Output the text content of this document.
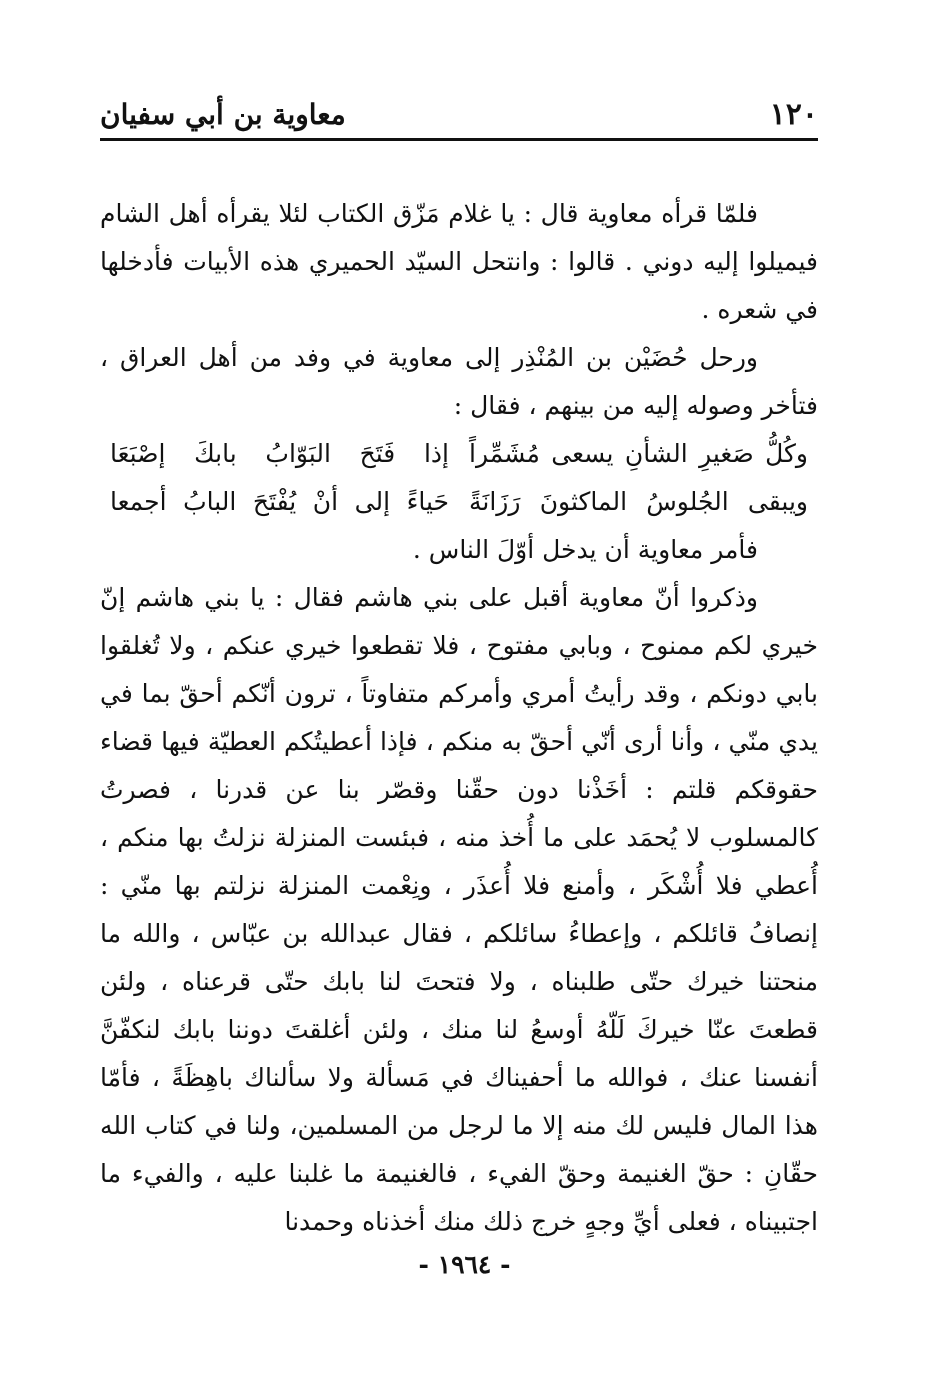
١٢٠
معاوية بن أبي سفيان

فلمّا قرأه معاوية قال : يا غلام مَزّق الكتاب لئلا يقرأه أهل الشام فيميلوا إليه دوني . قالوا : وانتحل السيّد الحميري هذه الأبيات فأدخلها في شعره .

ورحل حُضَيْن بن المُنْذِر إلى معاوية في وفد من أهل العراق ، فتأخر وصوله إليه من بينهم ، فقال :

وكُلُّ صَغيرِ الشأنِ يسعى مُشَمِّراً
إذا فَتَحَ البَوّابُ بابكَ إصْبَعَا
ويبقى الجُلوسُ الماكثونَ رَزَانَةً
حَياءً إلى أنْ يُفْتَحَ البابُ أجمعا

فأمر معاوية أن يدخل أوّلَ الناس .

وذكروا أنّ معاوية أقبل على بني هاشم فقال : يا بني هاشم إنّ خيري لكم ممنوح ، وبابي مفتوح ، فلا تقطعوا خيري عنكم ، ولا تُغلقوا بابي دونكم ، وقد رأيتُ أمري وأمركم متفاوتاً ، ترون أنّكم أحقّ بما في يدي منّي ، وأنا أرى أنّي أحقّ به منكم ، فإذا أعطيتُكم العطيّة فيها قضاء حقوقكم قلتم : أخَذْنا دون حقّنا وقصّر بنا عن قدرنا ، فصرتُ كالمسلوب لا يُحمَد على ما أُخذ منه ، فبئست المنزلة نزلتُ بها منكم ، أُعطي فلا أُشْكَر ، وأمنع فلا أُعذَر ، ونِعْمت المنزلة نزلتم بها منّي : إنصافُ قائلكم ، وإعطاءُ سائلكم ، فقال عبدالله بن عبّاس ، والله ما منحتنا خيرك حتّى طلبناه ، ولا فتحتَ لنا بابك حتّى قرعناه ، ولئن قطعتَ عنّا خيركَ لَلّهُ أوسعُ لنا منك ، ولئن أغلقتَ دوننا بابك لنكفّنَّ أنفسنا عنك ، فوالله ما أحفيناك في مَسألة ولا سألناك باهِظَةً ، فأمّا هذا المال فليس لك منه إلا ما لرجل من المسلمين، ولنا في كتاب الله حقّانِ : حقّ الغنيمة وحقّ الفيء ، فالغنيمة ما غلبنا عليه ، والفيء ما اجتبيناه ، فعلى أيِّ وجهٍ خرج ذلك منك أخذناه وحمدنا

- ١٩٦٤ -
